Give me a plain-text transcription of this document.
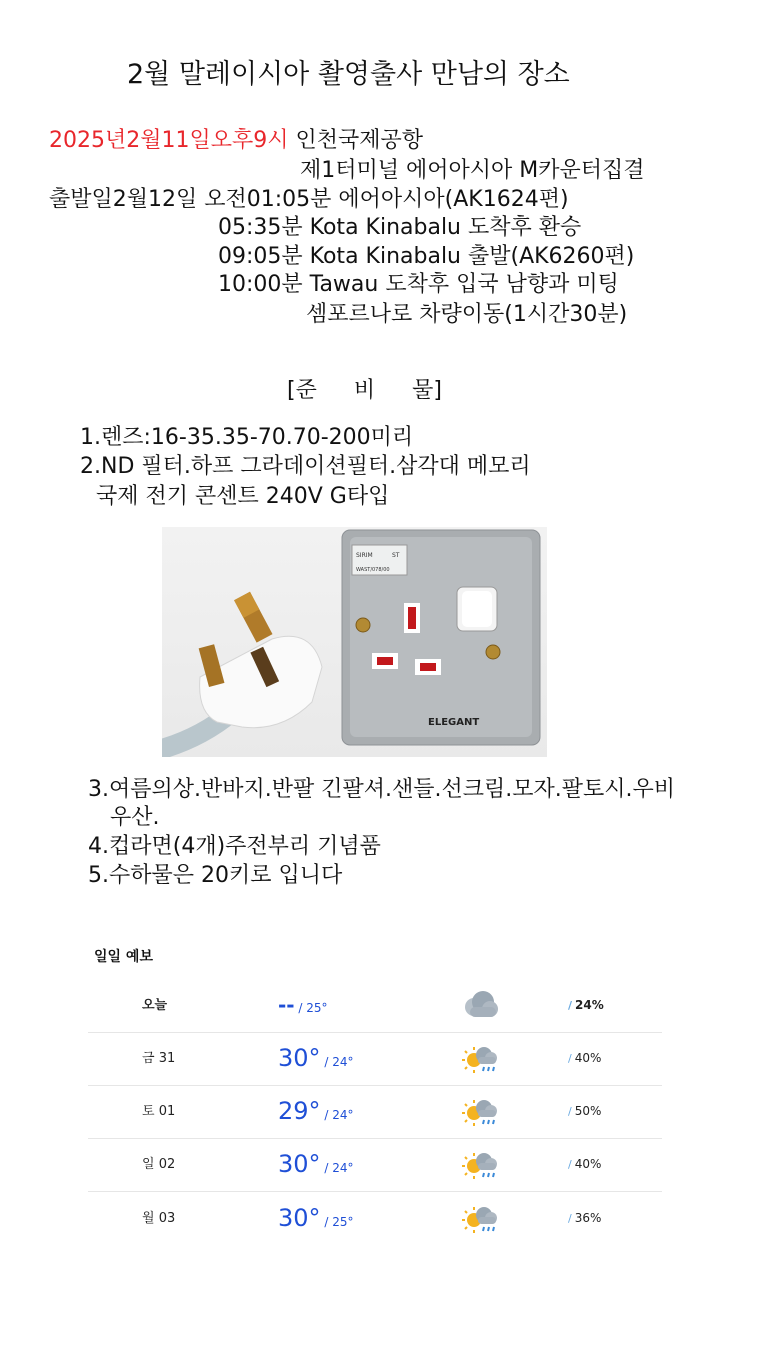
2월 말레이시아 촬영출사 만남의 장소
2025년2월11일오후9시 인천국제공항
제1터미널 에어아시아 M카운터집결
출발일2월12일 오전01:05분 에어아시아(AK1624편)
05:35분 Kota Kinabalu 도착후 환승
09:05분 Kota Kinabalu 출발(AK6260편)
10:00분 Tawau 도착후 입국 남향과 미팅
셈포르나로 차량이동(1시간30분)
[준 비 물]
1.렌즈:16-35.35-70.70-200미리
2.ND 필터.하프 그라데이션필터.삼각대 메모리
국제 전기 콘센트 240V G타입
SIRIM	ST
WAST/078/00
ELEGANT
3.여름의상.반바지.반팔 긴팔셔.샌들.선크림.모자.팔토시.우비
우산.
4.컵라면(4개)주전부리 기념품
5.수하물은 20키로 입니다
일일 예보
오늘	-- / 25°	/ 24%
금 31	30° / 24°	/ 40%
토 01	29° / 24°	/ 50%
일 02	30° / 24°	/ 40%
월 03	30° / 25°	/ 36%
